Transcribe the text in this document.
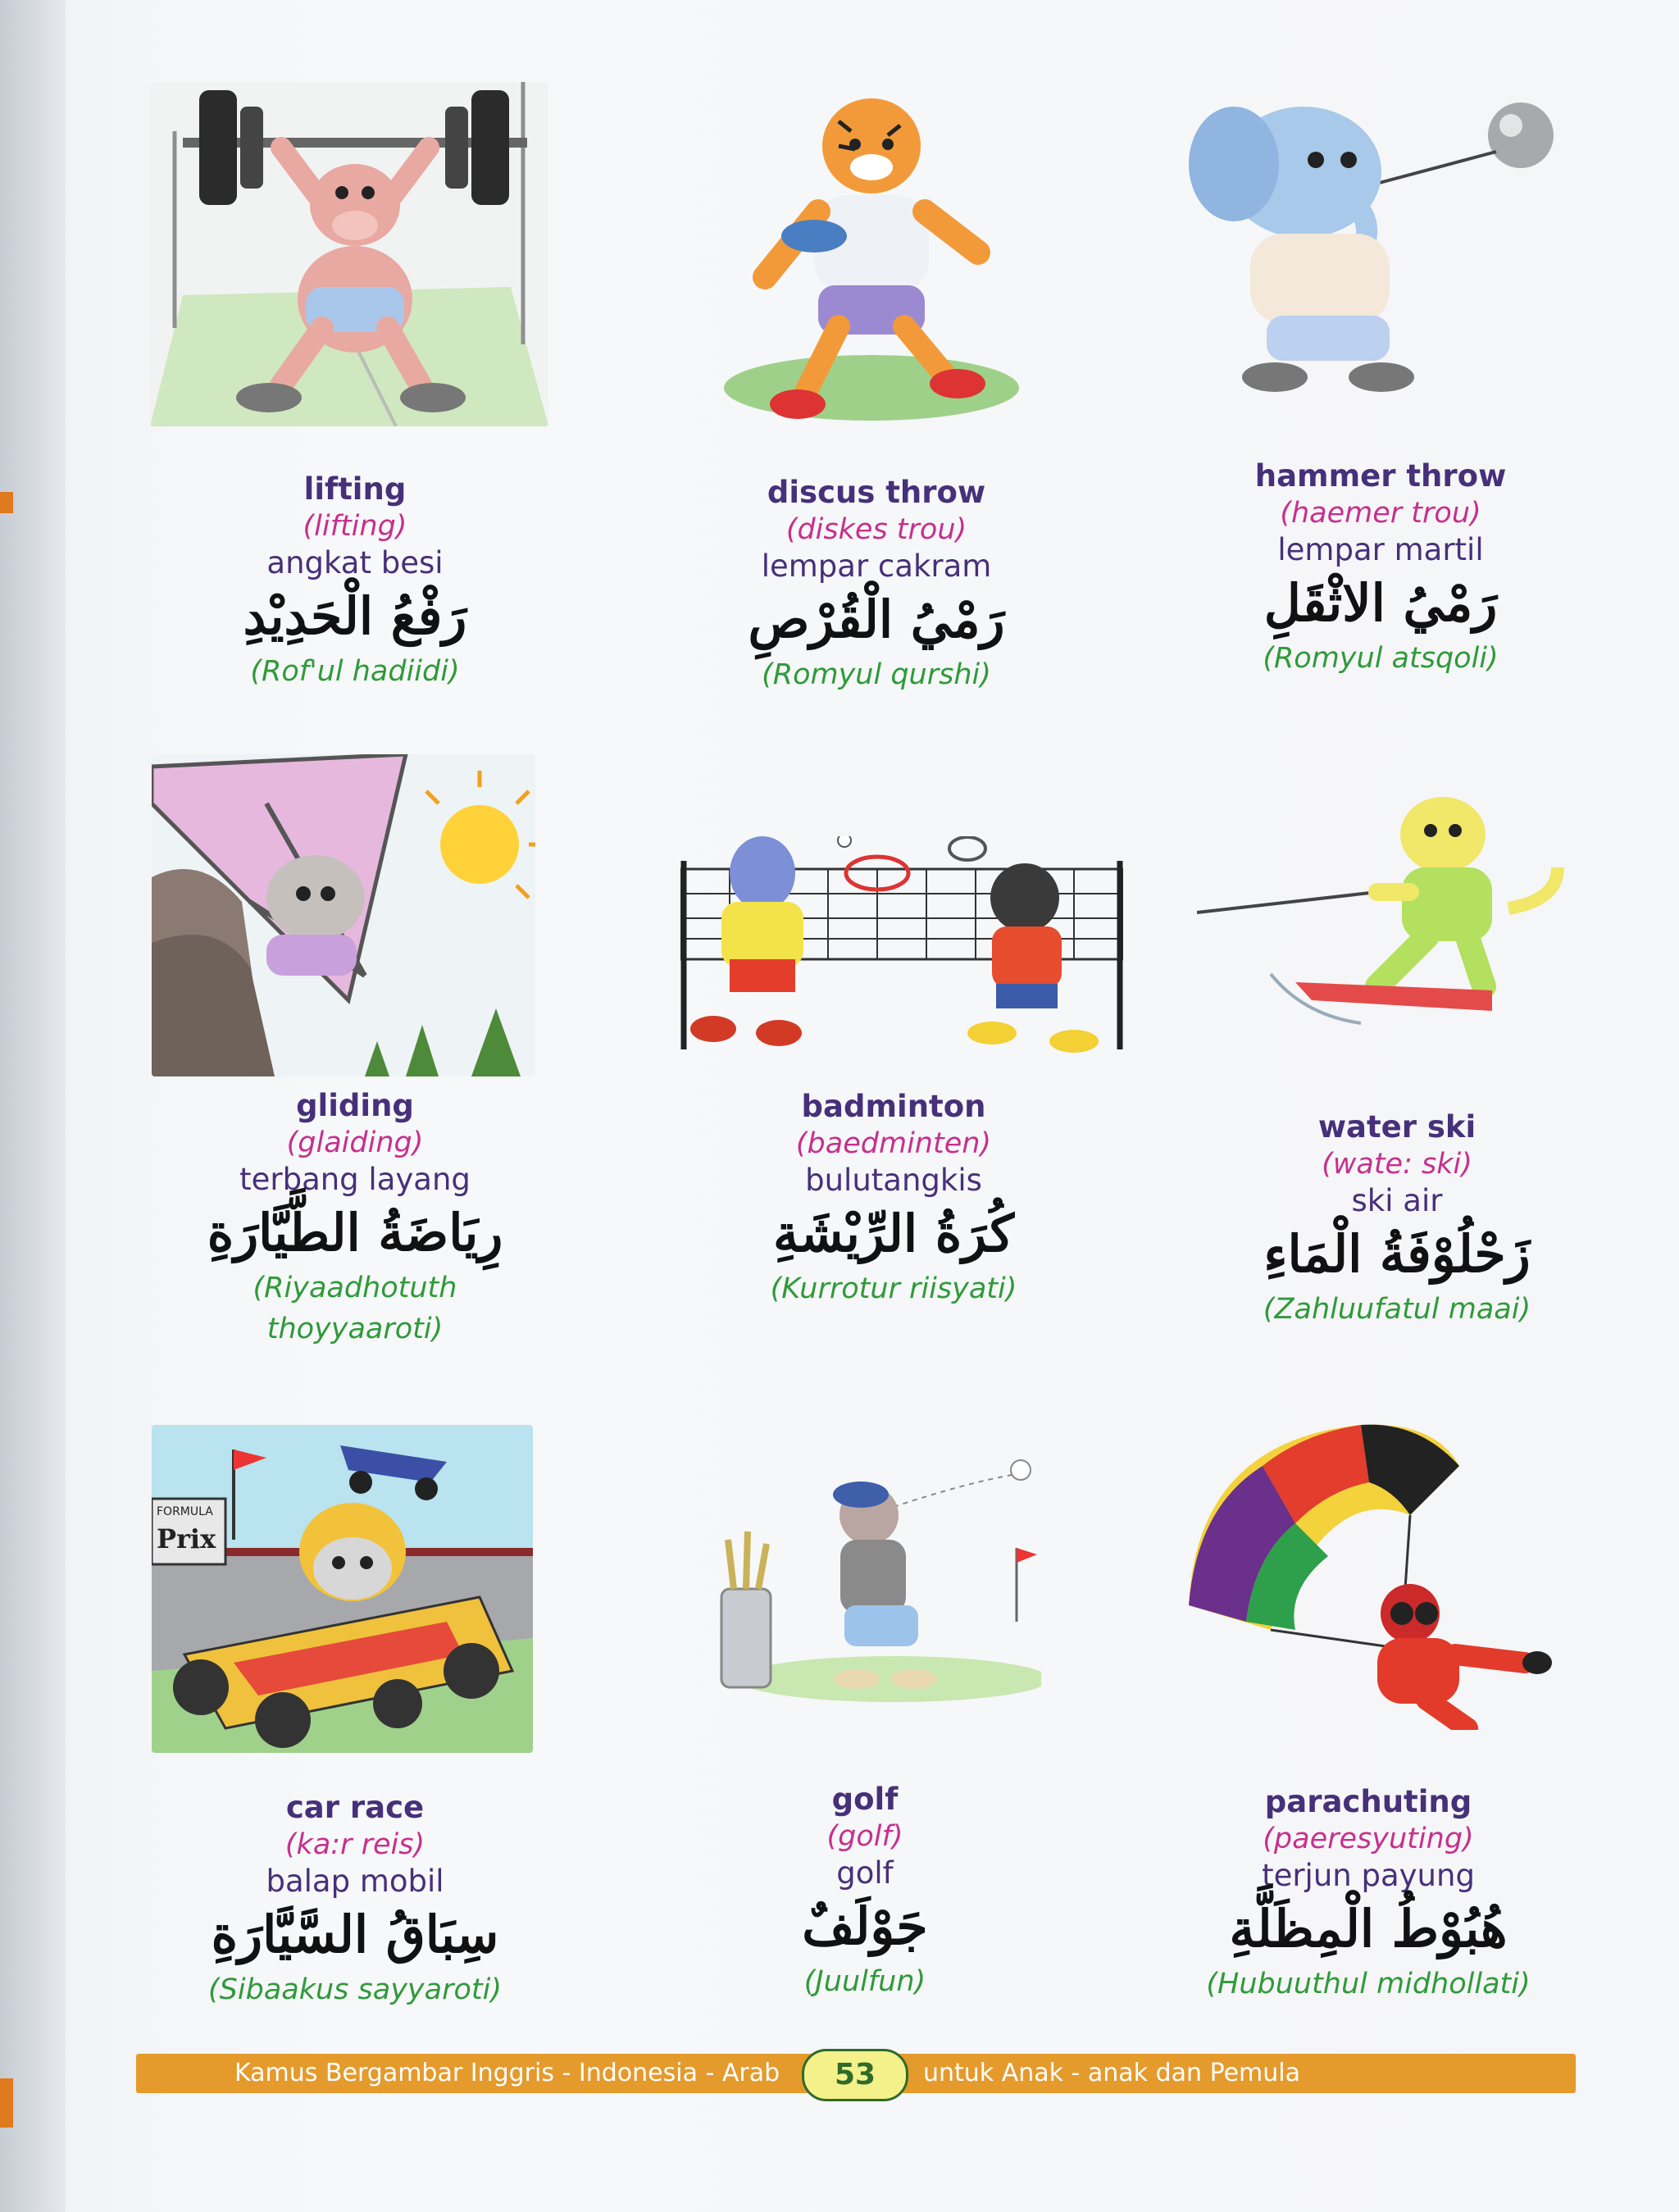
lifting
(lifting)
angkat besi
رَفْعُ الْحَدِيْدِ
(Rof'ul hadiidi)
discus throw
(diskes trou)
lempar cakram
رَمْيُ الْقُرْصِ
(Romyul qurshi)
hammer throw
(haemer trou)
lempar martil
رَمْيُ الاثْقَلِ
(Romyul atsqoli)
gliding
(glaiding)
terbang layang
رِيَاضَةُ الطَّيَّارَةِ
(Riyaadhotuth thoyyaaroti)
badminton
(baedminten)
bulutangkis
كُرَةُ الرِّيْشَةِ
(Kurrotur riisyati)
water ski
(wate: ski)
ski air
زَحْلُوْفَةُ الْمَاءِ
(Zahluufatul maai)
FORMULA
Prix
car race
(ka:r reis)
balap mobil
سِبَاقُ السَّيَّارَةِ
(Sibaakus sayyaroti)
golf
(golf)
golf
جَوْلَفٌ
(Juulfun)
parachuting
(paeresyuting)
terjun payung
هُبُوْطُ الْمِظَلَّةِ
(Hubuuthul midhollati)
Kamus Bergambar Inggris - Indonesia - Arab	53	untuk Anak - anak dan Pemula
